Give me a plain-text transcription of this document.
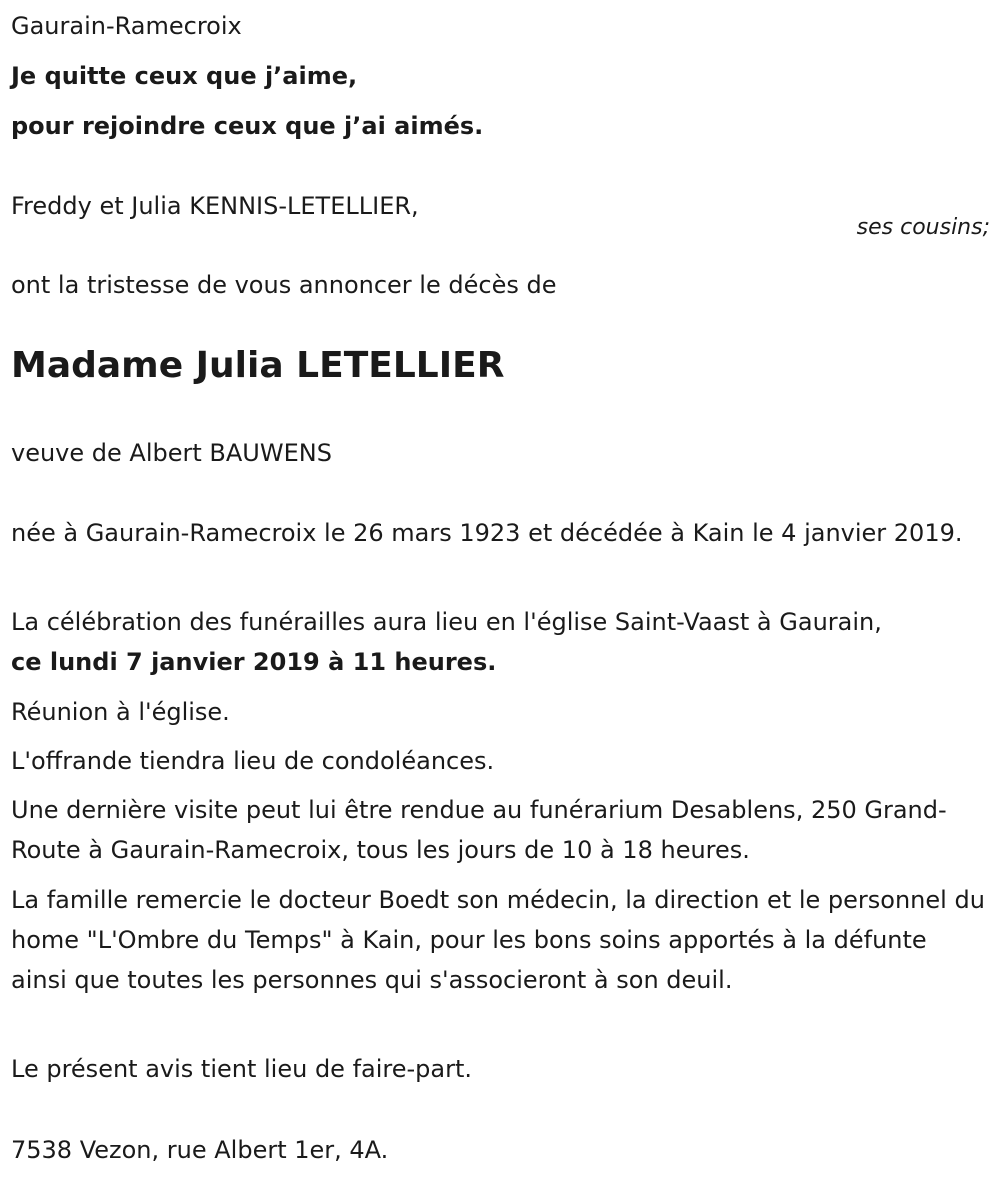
Gaurain-Ramecroix
Je quitte ceux que j’aime,
pour rejoindre ceux que j’ai aimés.
Freddy et Julia KENNIS-LETELLIER,
ses cousins;
ont la tristesse de vous annoncer le décès de
Madame Julia LETELLIER
veuve de Albert BAUWENS
née à Gaurain-Ramecroix le 26 mars 1923 et décédée à Kain le 4 janvier 2019.
La célébration des funérailles aura lieu en l'église Saint-Vaast à Gaurain,
ce lundi 7 janvier 2019 à 11 heures.
Réunion à l'église.
L'offrande tiendra lieu de condoléances.
Une dernière visite peut lui être rendue au funérarium Desablens, 250 Grand-Route à Gaurain-Ramecroix, tous les jours de 10 à 18 heures.
La famille remercie le docteur Boedt son médecin, la direction et le personnel du home "L'Ombre du Temps" à Kain, pour les bons soins apportés à la défunte ainsi que toutes les personnes qui s'associeront à son deuil.
Le présent avis tient lieu de faire-part.
7538 Vezon, rue Albert 1er, 4A.
